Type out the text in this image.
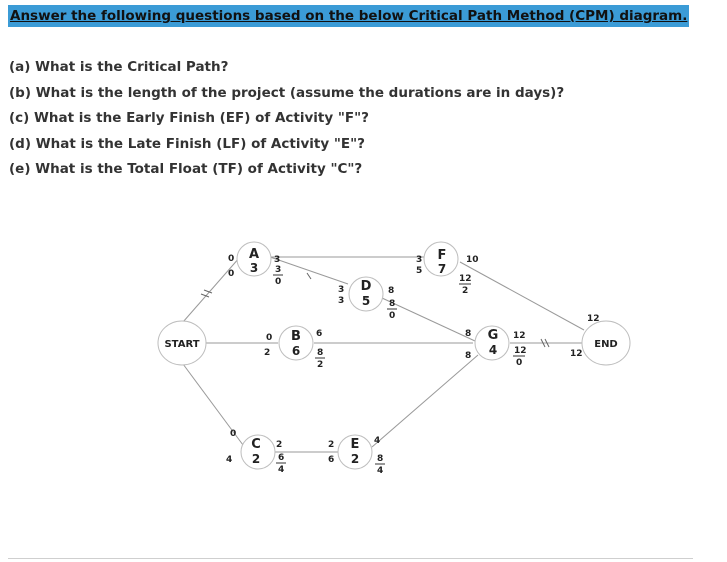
Answer the following questions based on the below Critical Path Method (CPM) diagram.
(a) What is the Critical Path?
(b) What is the length of the project (assume the durations are in days)?
(c) What is the Early Finish (EF) of Activity "F"?
(d) What is the Late Finish (LF) of Activity "E"?
(e) What is the Total Float (TF) of Activity "C"?
START	END
12
12
A
3
0
0
3
3
0
B
6
0
2
6
8
2
C
2
0
4
2
6
4
D
5
3
3
8
8
0
E
2
2
6
4
8
4
F
7
3
5
10
12
2
G
4
8
8
12
12
0
